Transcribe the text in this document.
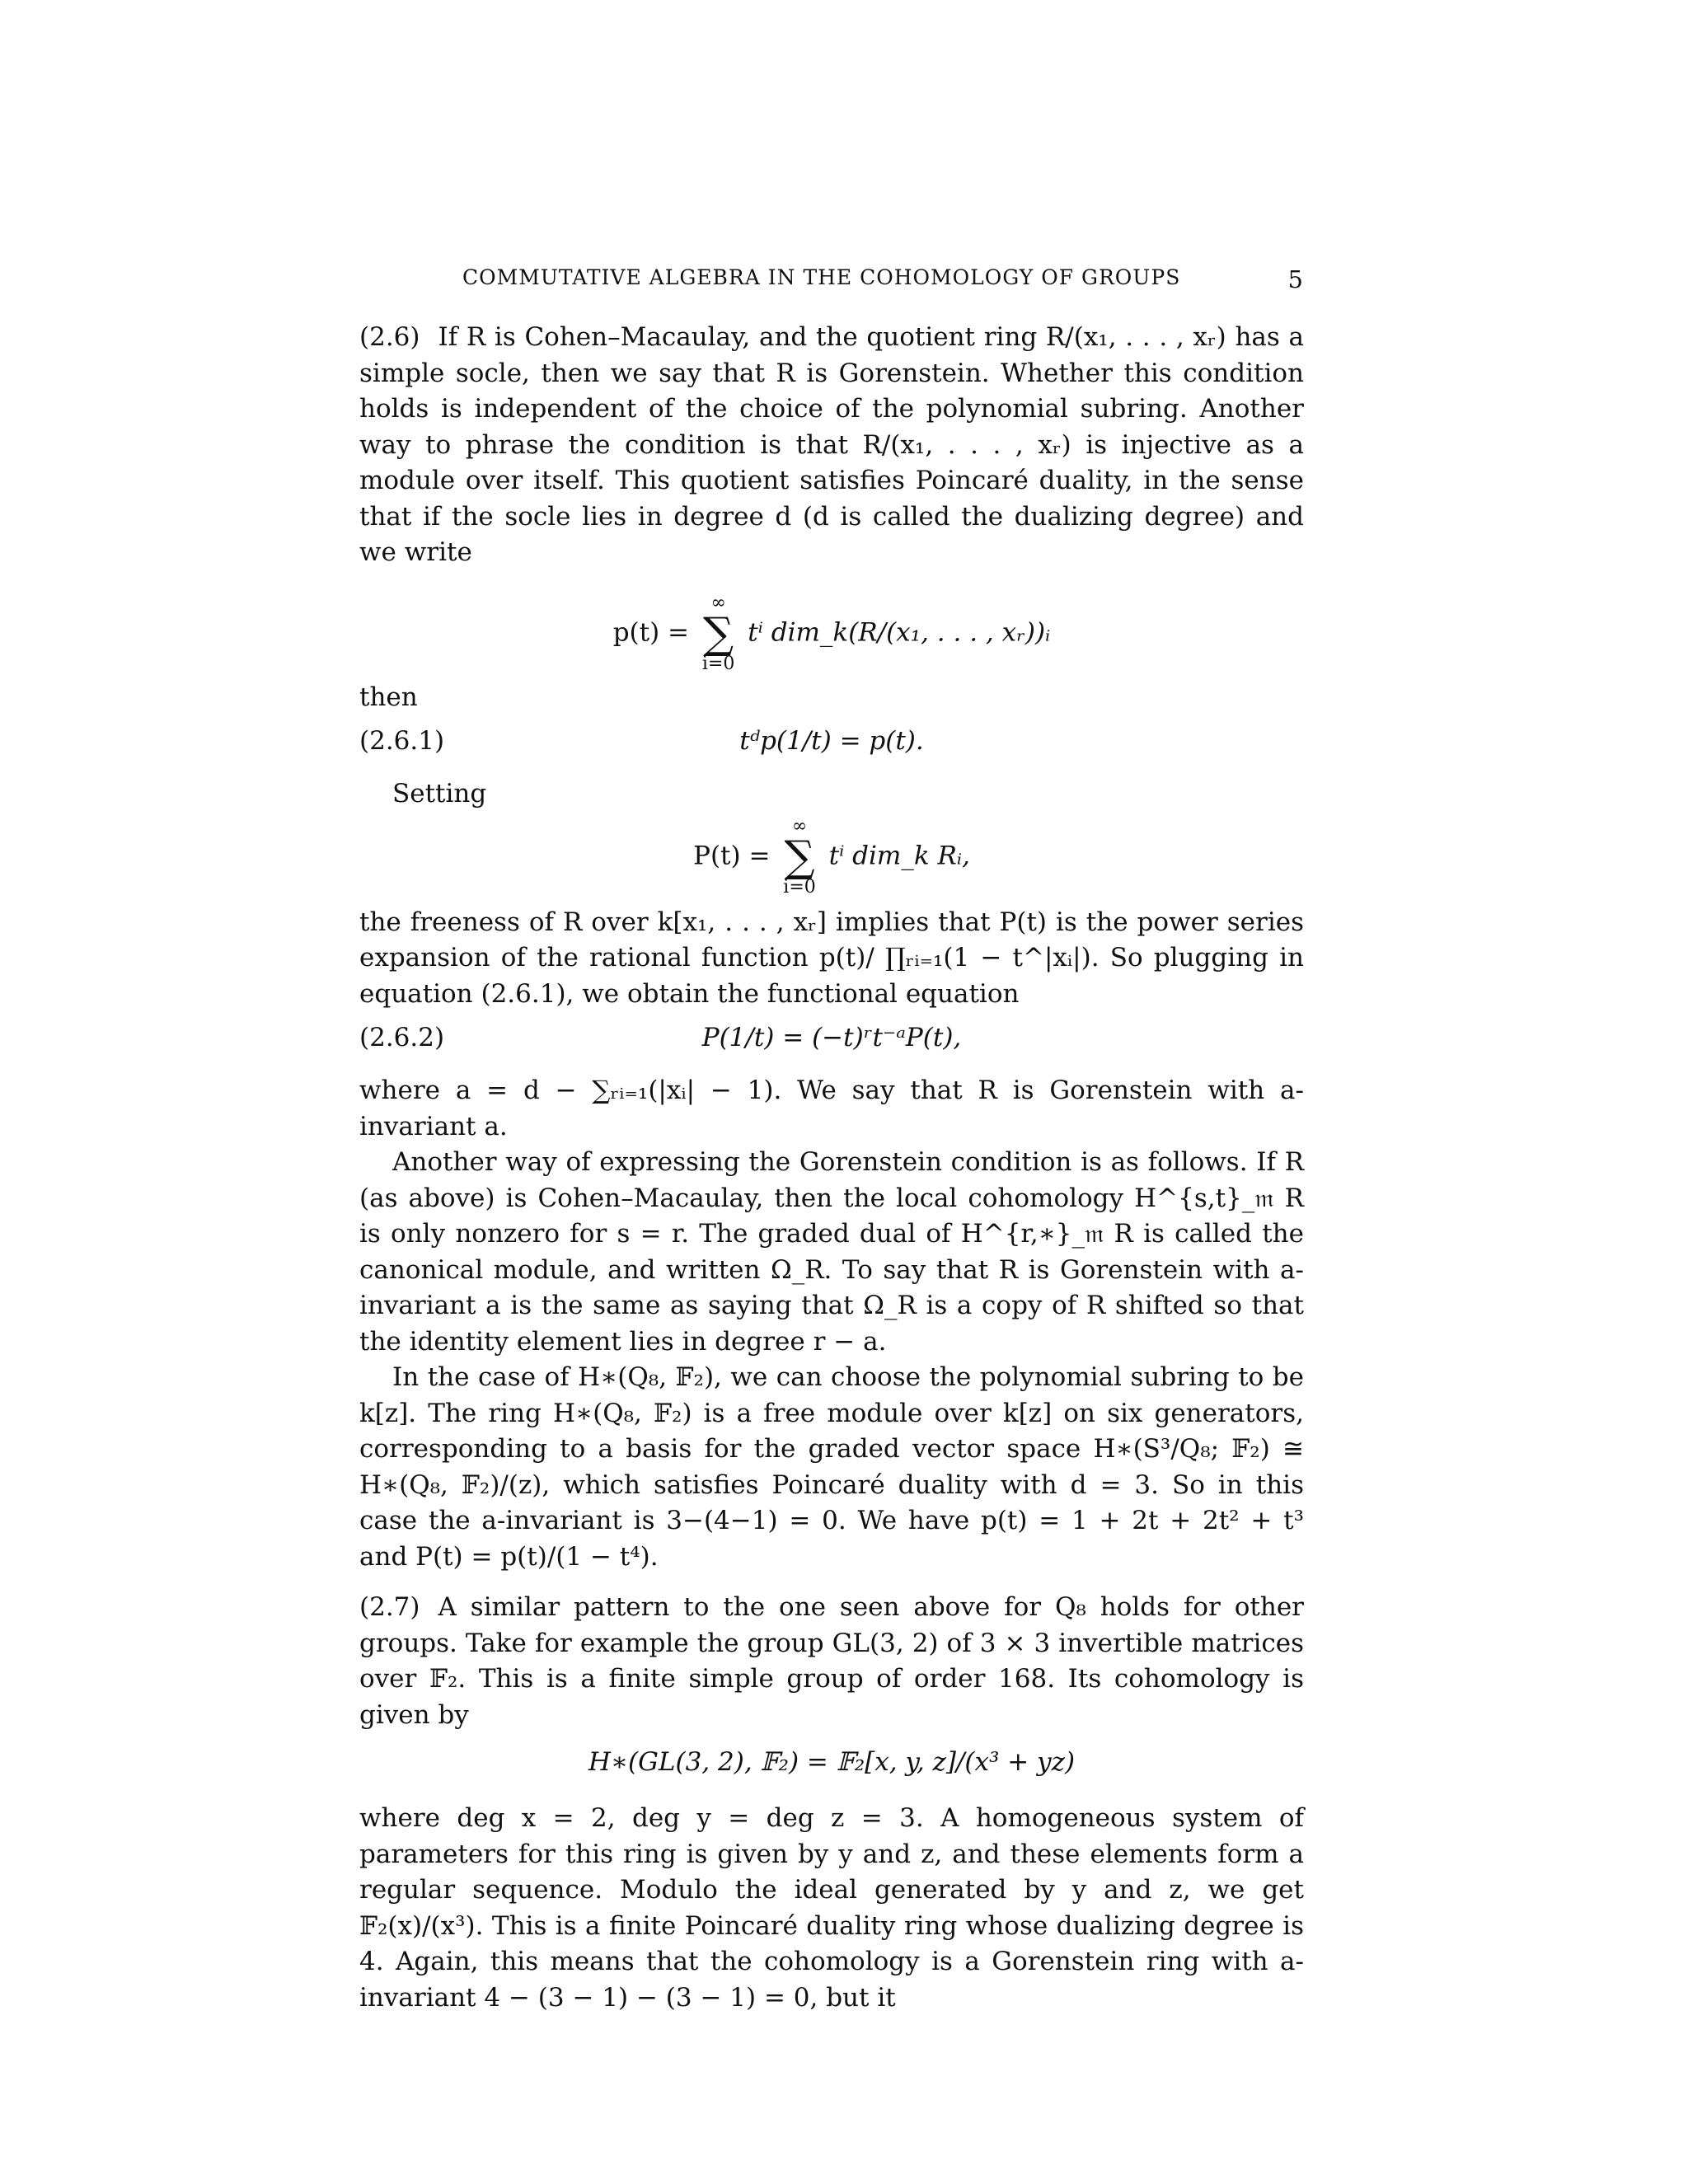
COMMUTATIVE ALGEBRA IN THE COHOMOLOGY OF GROUPS	5

(2.6) If R is Cohen–Macaulay, and the quotient ring R/(x₁, . . . , xᵣ) has a simple socle, then we say that R is Gorenstein. Whether this condition holds is independent of the choice of the polynomial subring. Another way to phrase the condition is that R/(x₁, . . . , xᵣ) is injective as a module over itself. This quotient satisfies Poincaré duality, in the sense that if the socle lies in degree d (d is called the dualizing degree) and we write

p(t) =
∞
∑
i=0
tⁱ dim_k(R/(x₁, . . . , xᵣ))ᵢ

then

(2.6.1)	tᵈp(1/t) = p(t).

Setting

P(t) =
∞
∑
i=0
tⁱ dim_k Rᵢ,

the freeness of R over k[x₁, . . . , xᵣ] implies that P(t) is the power series expansion of the rational function p(t)/ ∏ᵣᵢ₌₁(1 − t^|xᵢ|). So plugging in equation (2.6.1), we obtain the functional equation

(2.6.2)	P(1/t) = (−t)ʳt⁻ᵃP(t),

where a = d − ∑ᵣᵢ₌₁(|xᵢ| − 1). We say that R is Gorenstein with a-invariant a.

Another way of expressing the Gorenstein condition is as follows. If R (as above) is Cohen–Macaulay, then the local cohomology H^{s,t}_𝔪 R is only nonzero for s = r. The graded dual of H^{r,∗}_𝔪 R is called the canonical module, and written Ω_R. To say that R is Gorenstein with a-invariant a is the same as saying that Ω_R is a copy of R shifted so that the identity element lies in degree r − a.

In the case of H∗(Q₈, 𝔽₂), we can choose the polynomial subring to be k[z]. The ring H∗(Q₈, 𝔽₂) is a free module over k[z] on six generators, corresponding to a basis for the graded vector space H∗(S³/Q₈; 𝔽₂) ≅ H∗(Q₈, 𝔽₂)/(z), which satisfies Poincaré duality with d = 3. So in this case the a-invariant is 3−(4−1) = 0. We have p(t) = 1 + 2t + 2t² + t³ and P(t) = p(t)/(1 − t⁴).

(2.7) A similar pattern to the one seen above for Q₈ holds for other groups. Take for example the group GL(3, 2) of 3 × 3 invertible matrices over 𝔽₂. This is a finite simple group of order 168. Its cohomology is given by

H∗(GL(3, 2), 𝔽₂) = 𝔽₂[x, y, z]/(x³ + yz)

where deg x = 2, deg y = deg z = 3. A homogeneous system of parameters for this ring is given by y and z, and these elements form a regular sequence. Modulo the ideal generated by y and z, we get 𝔽₂(x)/(x³). This is a finite Poincaré duality ring whose dualizing degree is 4. Again, this means that the cohomology is a Gorenstein ring with a-invariant 4 − (3 − 1) − (3 − 1) = 0, but it
